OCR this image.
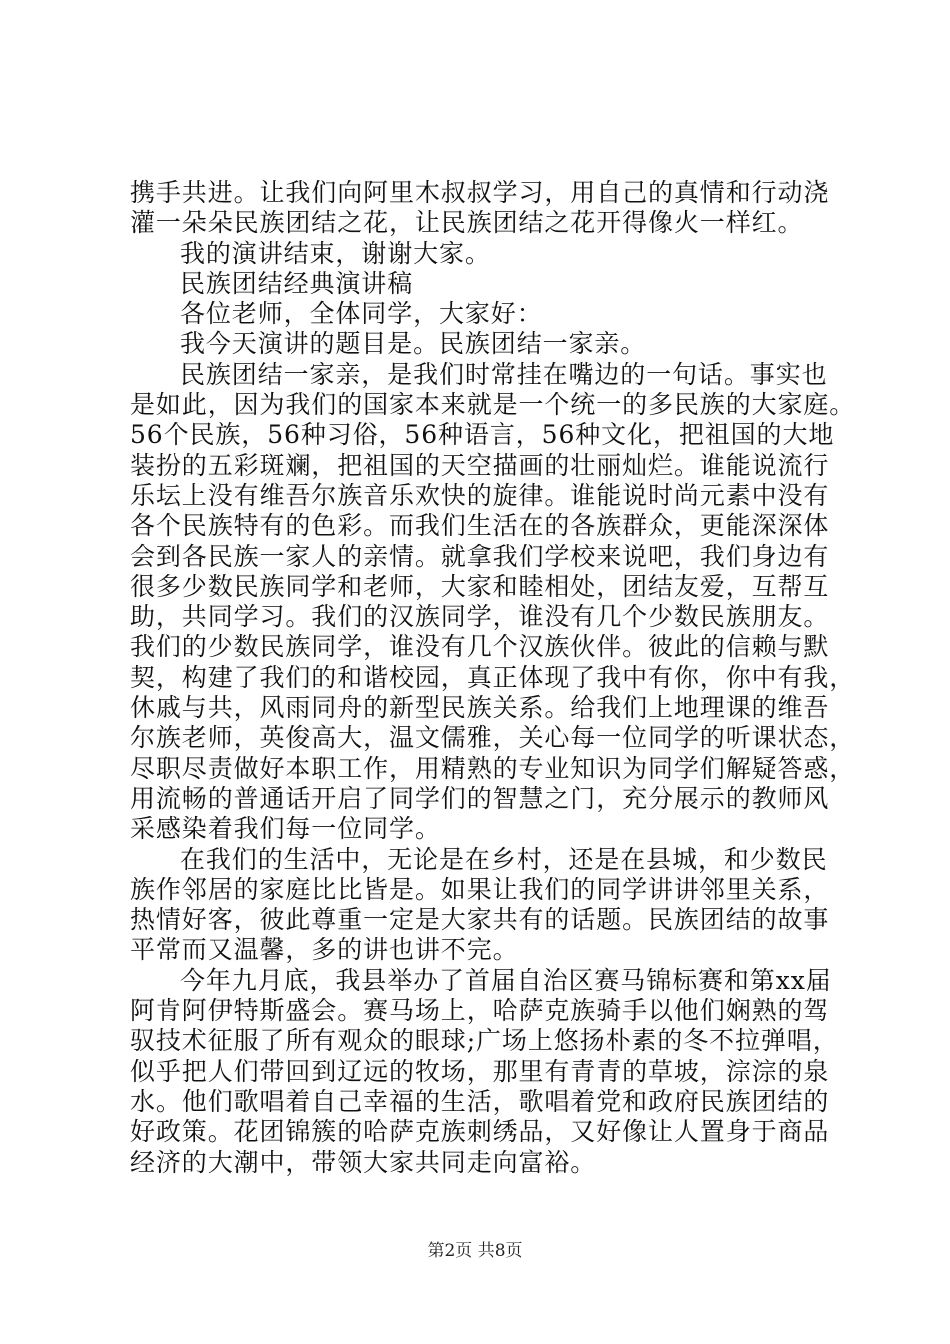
携手共进。让我们向阿里木叔叔学习，用自己的真情和行动浇
灌一朵朵民族团结之花，让民族团结之花开得像火一样红。
我的演讲结束，谢谢大家。
民族团结经典演讲稿
各位老师，全体同学，大家好：
我今天演讲的题目是。民族团结一家亲。
民族团结一家亲，是我们时常挂在嘴边的一句话。事实也
是如此，因为我们的国家本来就是一个统一的多民族的大家庭。
56个民族，56种习俗，56种语言，56种文化，把祖国的大地
装扮的五彩斑斓，把祖国的天空描画的壮丽灿烂。谁能说流行
乐坛上没有维吾尔族音乐欢快的旋律。谁能说时尚元素中没有
各个民族特有的色彩。而我们生活在的各族群众，更能深深体
会到各民族一家人的亲情。就拿我们学校来说吧，我们身边有
很多少数民族同学和老师，大家和睦相处，团结友爱，互帮互
助，共同学习。我们的汉族同学，谁没有几个少数民族朋友。
我们的少数民族同学，谁没有几个汉族伙伴。彼此的信赖与默
契，构建了我们的和谐校园，真正体现了我中有你，你中有我，
休戚与共，风雨同舟的新型民族关系。给我们上地理课的维吾
尔族老师，英俊高大，温文儒雅，关心每一位同学的听课状态，
尽职尽责做好本职工作，用精熟的专业知识为同学们解疑答惑，
用流畅的普通话开启了同学们的智慧之门，充分展示的教师风
采感染着我们每一位同学。
在我们的生活中，无论是在乡村，还是在县城，和少数民
族作邻居的家庭比比皆是。如果让我们的同学讲讲邻里关系，
热情好客，彼此尊重一定是大家共有的话题。民族团结的故事
平常而又温馨，多的讲也讲不完。
今年九月底，我县举办了首届自治区赛马锦标赛和第xx届
阿肯阿伊特斯盛会。赛马场上，哈萨克族骑手以他们娴熟的驾
驭技术征服了所有观众的眼球;广场上悠扬朴素的冬不拉弹唱，
似乎把人们带回到辽远的牧场，那里有青青的草坡，淙淙的泉
水。他们歌唱着自己幸福的生活，歌唱着党和政府民族团结的
好政策。花团锦簇的哈萨克族刺绣品，又好像让人置身于商品
经济的大潮中，带领大家共同走向富裕。
第2页 共8页
